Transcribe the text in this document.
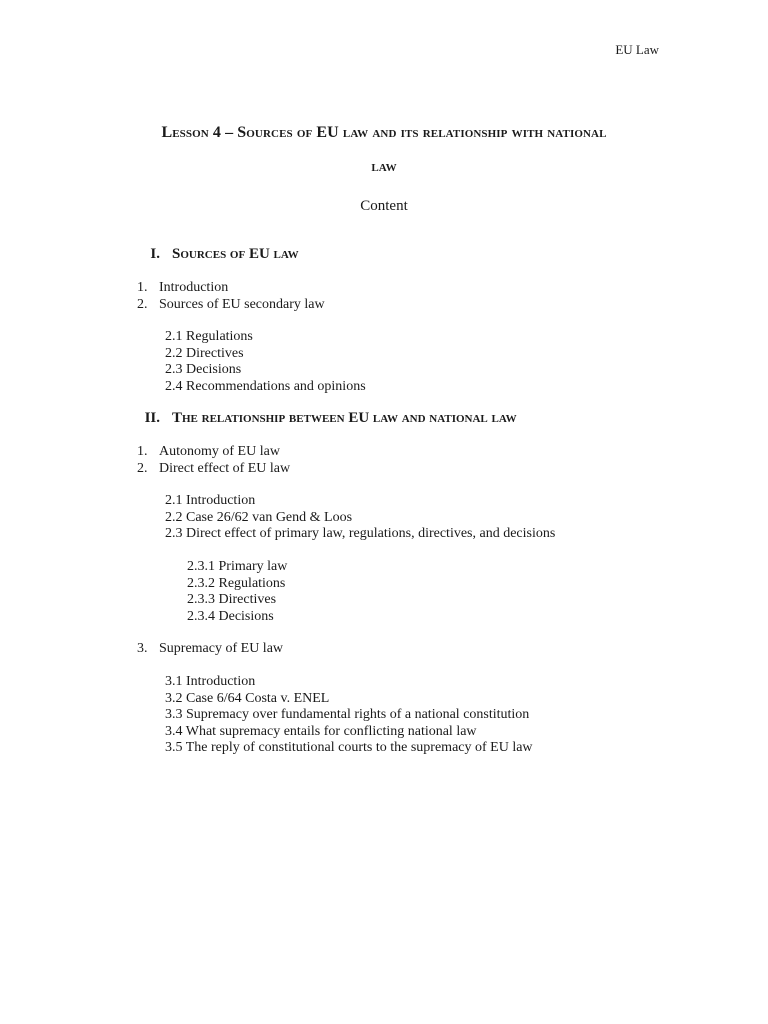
EU Law
Lesson 4 – Sources of EU law and its relationship with national
law
Content
I. Sources of EU law
1. Introduction
2. Sources of EU secondary law
2.1 Regulations
2.2 Directives
2.3 Decisions
2.4 Recommendations and opinions
II. The relationship between EU law and national law
1. Autonomy of EU law
2. Direct effect of EU law
2.1 Introduction
2.2 Case 26/62 van Gend & Loos
2.3 Direct effect of primary law, regulations, directives, and decisions
2.3.1 Primary law
2.3.2 Regulations
2.3.3 Directives
2.3.4 Decisions
3. Supremacy of EU law
3.1 Introduction
3.2 Case 6/64 Costa v. ENEL
3.3 Supremacy over fundamental rights of a national constitution
3.4 What supremacy entails for conflicting national law
3.5 The reply of constitutional courts to the supremacy of EU law
